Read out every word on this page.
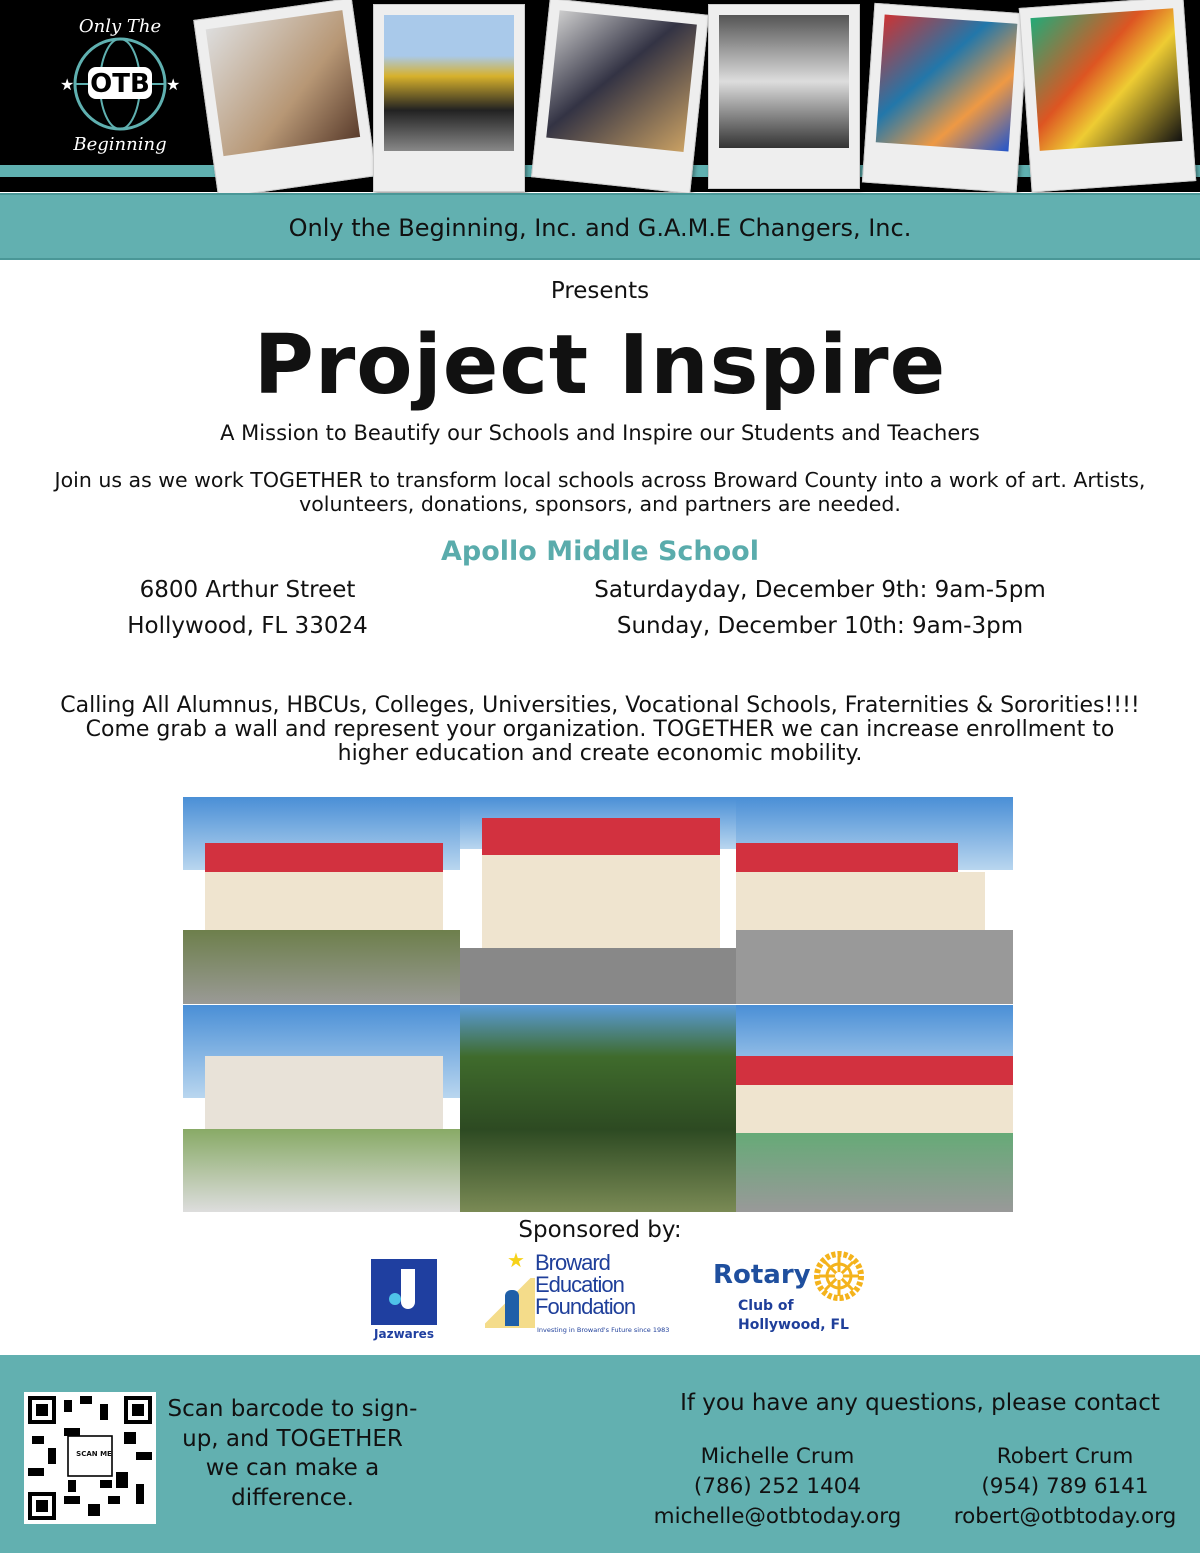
OTB
★	★
Only The
Beginning
Only the Beginning, Inc. and G.A.M.E Changers, Inc.
Presents
Project Inspire
A Mission to Beautify our Schools and Inspire our Students and Teachers
Join us as we work TOGETHER to transform local schools across Broward County into a work of art. Artists, volunteers, donations, sponsors, and partners are needed.
Apollo Middle School
6800 Arthur Street
Hollywood, FL 33024
Saturdayday, December 9th: 9am-5pm
Sunday, December 10th: 9am-3pm
Calling All Alumnus, HBCUs, Colleges, Universities, Vocational Schools, Fraternities & Sororities!!!! Come grab a wall and represent your organization. TOGETHER we can increase enrollment to higher education and create economic mobility.
Sponsored by:
Jazwares
★ Broward
Education
Foundation
Investing in Broward's Future since 1983
Rotary
Club of
Hollywood, FL
SCAN ME
Scan barcode to sign-up, and TOGETHER we can make a difference.
If you have any questions, please contact
Michelle Crum
(786) 252 1404
michelle@otbtoday.org
Robert Crum
(954) 789 6141
robert@otbtoday.org
